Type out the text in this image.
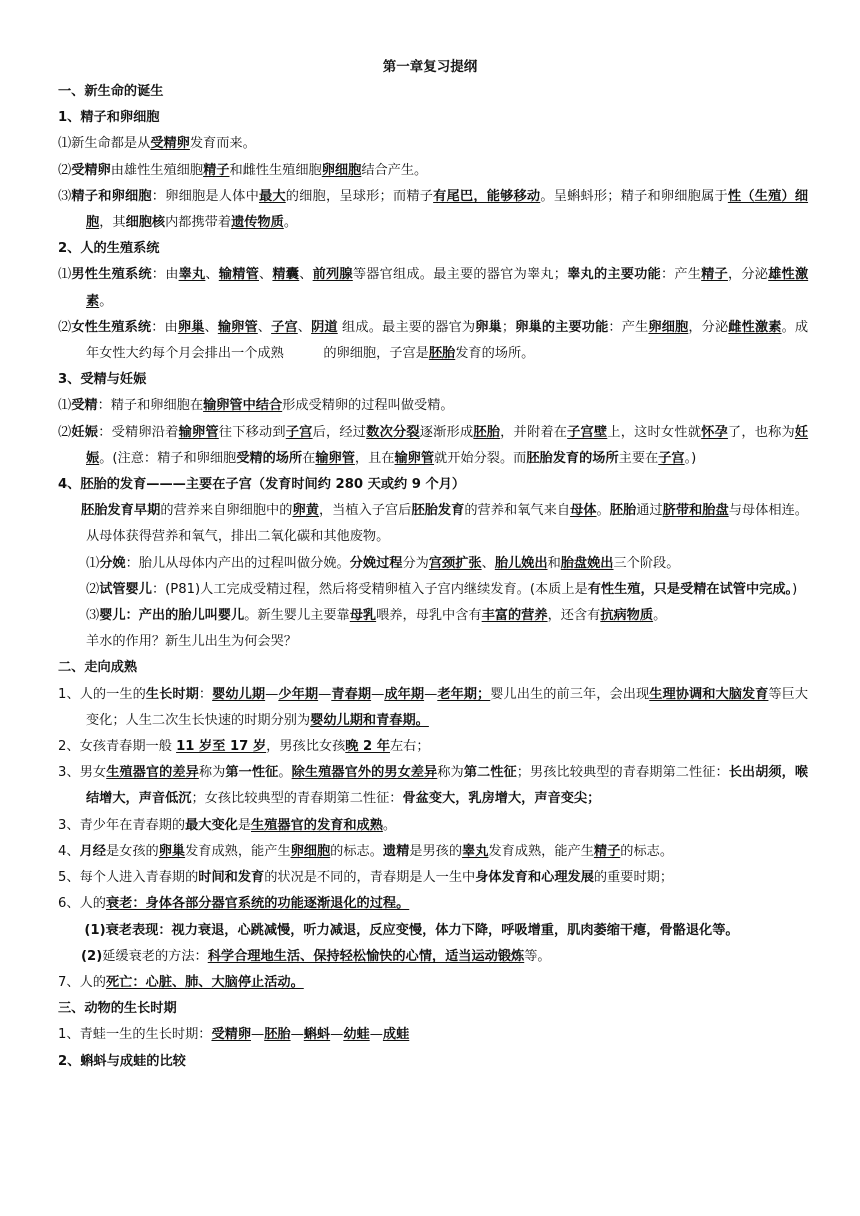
第一章复习提纲

一、新生命的诞生

1、精子和卵细胞

⑴新生命都是从受精卵发育而来。

⑵受精卵由雄性生殖细胞精子和雌性生殖细胞卵细胞结合产生。

⑶精子和卵细胞：卵细胞是人体中最大的细胞，呈球形；而精子有尾巴，能够移动。呈蝌蚪形；精子和卵细胞属于性（生殖）细胞，其细胞核内都携带着遗传物质。

2、人的生殖系统

⑴男性生殖系统：由睾丸、输精管、精囊、前列腺等器官组成。最主要的器官为睾丸；睾丸的主要功能：产生精子，分泌雄性激素。

⑵女性生殖系统：由卵巢、输卵管、子宫、阴道 组成。最主要的器官为卵巢；卵巢的主要功能：产生卵细胞，分泌雌性激素。成年女性大约每个月会排出一个成熟　　　的卵细胞，子宫是胚胎发育的场所。

3、受精与妊娠

⑴受精：精子和卵细胞在输卵管中结合形成受精卵的过程叫做受精。

⑵妊娠：受精卵沿着输卵管往下移动到子宫后，经过数次分裂逐渐形成胚胎，并附着在子宫壁上，这时女性就怀孕了，也称为妊娠。(注意：精子和卵细胞受精的场所在输卵管，且在输卵管就开始分裂。而胚胎发育的场所主要在子宫。)

4、胚胎的发育———主要在子宫（发育时间约 280 天或约 9 个月）

胚胎发育早期的营养来自卵细胞中的卵黄，当植入子宫后胚胎发育的营养和氧气来自母体。胚胎通过脐带和胎盘与母体相连。从母体获得营养和氧气，排出二氧化碳和其他废物。

⑴分娩：胎儿从母体内产出的过程叫做分娩。分娩过程分为宫颈扩张、胎儿娩出和胎盘娩出三个阶段。

⑵试管婴儿：(P81)人工完成受精过程，然后将受精卵植入子宫内继续发育。(本质上是有性生殖，只是受精在试管中完成。)

⑶婴儿：产出的胎儿叫婴儿。新生婴儿主要靠母乳喂养，母乳中含有丰富的营养，还含有抗病物质。

羊水的作用？新生儿出生为何会哭？

二、走向成熟

1、人的一生的生长时期：婴幼儿期—少年期—青春期—成年期—老年期；婴儿出生的前三年，会出现生理协调和大脑发育等巨大变化；人生二次生长快速的时期分别为婴幼儿期和青春期。

2、女孩青春期一般 11 岁至 17 岁，男孩比女孩晚 2 年左右；

3、男女生殖器官的差异称为第一性征。除生殖器官外的男女差异称为第二性征；男孩比较典型的青春期第二性征：长出胡须，喉结增大，声音低沉；女孩比较典型的青春期第二性征：骨盆变大，乳房增大，声音变尖；

3、青少年在青春期的最大变化是生殖器官的发育和成熟。

4、月经是女孩的卵巢发育成熟，能产生卵细胞的标志。遗精是男孩的睾丸发育成熟，能产生精子的标志。

5、每个人进入青春期的时间和发育的状况是不同的，青春期是人一生中身体发育和心理发展的重要时期；

6、人的衰老：身体各部分器官系统的功能逐渐退化的过程。

　　(1)衰老表现：视力衰退，心跳减慢，听力减退，反应变慢，体力下降，呼吸增重，肌肉萎缩干瘪，骨骼退化等。

(2)延缓衰老的方法：科学合理地生活、保持轻松愉快的心情，适当运动锻炼等。

7、人的死亡：心脏、肺、大脑停止活动。

三、动物的生长时期

1、青蛙一生的生长时期：受精卵—胚胎—蝌蚪—幼蛙—成蛙

2、蝌蚪与成蛙的比较
